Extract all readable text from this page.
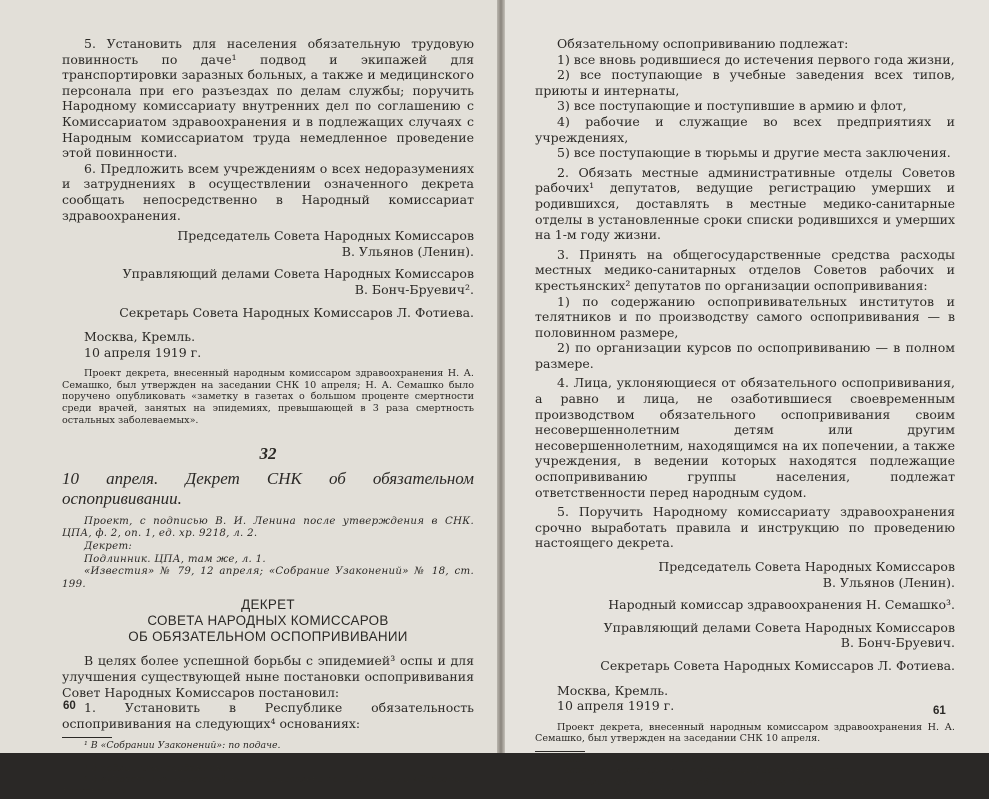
5. Установить для населения обязательную трудовую повинность по даче¹ подвод и экипажей для транспортировки заразных больных, а также и медицинского персонала при его разъездах по делам службы; поручить Народному комиссариату внутренних дел по соглашению с Комиссариатом здравоохранения и в подлежащих случаях с Народным комиссариатом труда немедленное проведение этой повинности.

6. Предложить всем учреждениям о всех недоразумениях и затруднениях в осуществлении означенного декрета сообщать непосредственно в Народный комиссариат здравоохранения.

Председатель Совета Народных Комиссаров

В. Ульянов (Ленин).

Управляющий делами Совета Народных Комиссаров

В. Бонч-Бруевич².

Секретарь Совета Народных Комиссаров Л. Фотиева.

Москва, Кремль.

10 апреля 1919 г.

Проект декрета, внесенный народным комиссаром здравоохранения Н. А. Семашко, был утвержден на заседании СНК 10 апреля; Н. А. Семашко было поручено опубликовать «заметку в газетах о большом проценте смертности среди врачей, занятых на эпидемиях, превышающей в 3 раза смертность остальных заболеваемых».

32

10 апреля. Декрет СНК об обязательном оспопрививании.

Проект, с подписью В. И. Ленина после утверждения в СНК. ЦПА, ф. 2, оп. 1, ед. хр. 9218, л. 2.

Декрет:

Подлинник. ЦПА, там же, л. 1.

«Известия» № 79, 12 апреля; «Собрание Узаконений» № 18, ст. 199.

ДЕКРЕТ

СОВЕТА НАРОДНЫХ КОМИССАРОВ

ОБ ОБЯЗАТЕЛЬНОМ ОСПОПРИВИВАНИИ

В целях более успешной борьбы с эпидемией³ оспы и для улучшения существующей ныне постановки оспопрививания Совет Народных Комиссаров постановил:

1. Установить в Республике обязательность оспопрививания на следующих⁴ основаниях:

¹ В «Собрании Узаконений»: по подаче.

² В подлиннике подпись не заполнена.

³ В подлиннике: эпидемиями.

⁴ В «Известиях»: нижеследующих; исправлено по подлиннику и «Собранию Узаконений».

60

Обязательному оспопрививанию подлежат:

1) все вновь родившиеся до истечения первого года жизни,

2) все поступающие в учебные заведения всех типов, приюты и интернаты,

3) все поступающие и поступившие в армию и флот,

4) рабочие и служащие во всех предприятиях и учреждениях,

5) все поступающие в тюрьмы и другие места заключения.

2. Обязать местные административные отделы Советов рабочих¹ депутатов, ведущие регистрацию умерших и родившихся, доставлять в местные медико-санитарные отделы в установленные сроки списки родившихся и умерших на 1-м году жизни.

3. Принять на общегосударственные средства расходы местных медико-санитарных отделов Советов рабочих и крестьянских² депутатов по организации оспопрививания:

1) по содержанию оспопрививательных институтов и телятников и по производству самого оспопрививания — в половинном размере,

2) по организации курсов по оспопрививанию — в полном размере.

4. Лица, уклоняющиеся от обязательного оспопрививания, а равно и лица, не озаботившиеся своевременным производством обязательного оспопрививания своим несовершеннолетним детям или другим несовершеннолетним, находящимся на их попечении, а также учреждения, в ведении которых находятся подлежащие оспопрививанию группы населения, подлежат ответственности перед народным судом.

5. Поручить Народному комиссариату здравоохранения срочно выработать правила и инструкцию по проведению настоящего декрета.

Председатель Совета Народных Комиссаров

В. Ульянов (Ленин).

Народный комиссар здравоохранения Н. Семашко³.

Управляющий делами Совета Народных Комиссаров

В. Бонч-Бруевич.

Секретарь Совета Народных Комиссаров Л. Фотиева.

Москва, Кремль.

10 апреля 1919 г.

Проект декрета, внесенный народным комиссаром здравоохранения Н. А. Семашко, был утвержден на заседании СНК 10 апреля.

¹ рабочих в «Собрании Узаконений» нет.

² рабочих и крестьянских в «Собрании Узаконений» нет.

³ В подлиннике подписи народного комиссара здравоохранения и управляющего делами СНК не заполнены.

61
